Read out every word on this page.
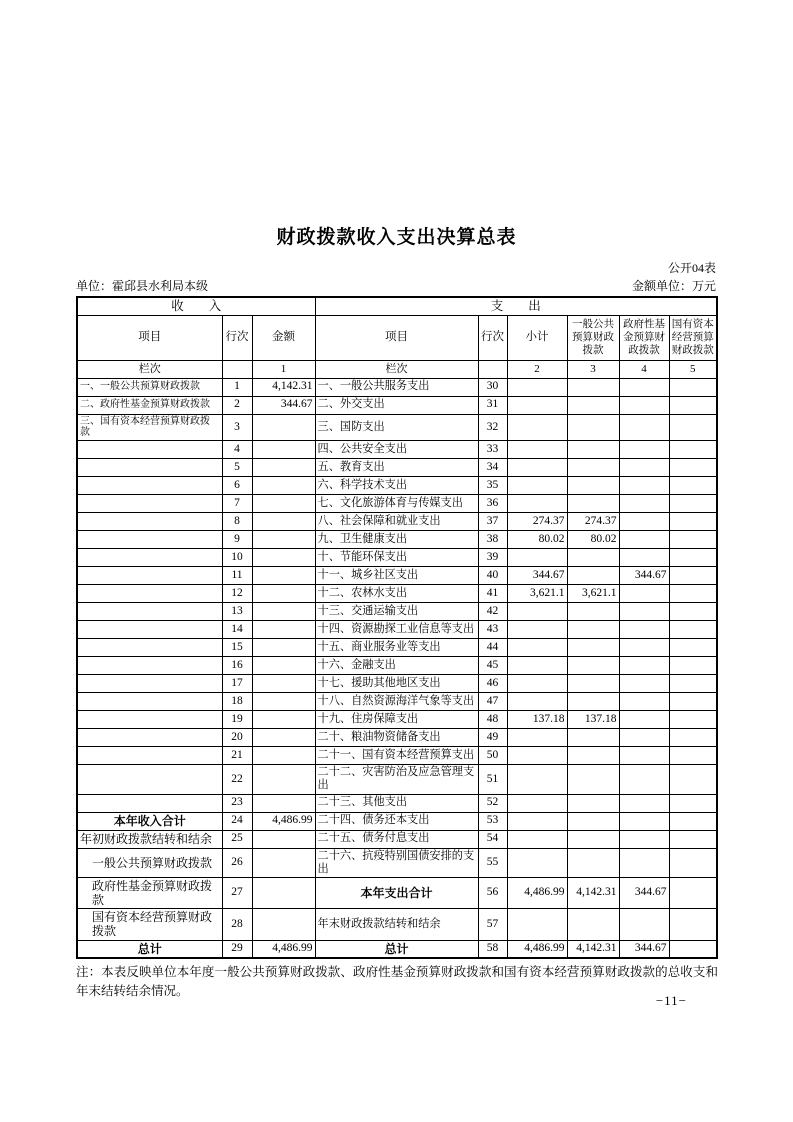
财政拨款收入支出决算总表
公开04表
单位：霍邱县水利局本级	金额单位：万元
收　　入			支　　出					
项目	行次	金额	项目	行次	小计	一般公共预算财政拨款	政府性基金预算财政拨款	国有资本经营预算财政拨款
栏次		1	栏次		2	3	4	5
一、一般公共预算财政拨款	1	4,142.31	一、一般公共服务支出	30				
二、政府性基金预算财政拨款	2	344.67	二、外交支出	31				
三、国有资本经营预算财政拨款	3		三、国防支出	32				
	4		四、公共安全支出	33				
	5		五、教育支出	34				
	6		六、科学技术支出	35				
	7		七、文化旅游体育与传媒支出	36				
	8		八、社会保障和就业支出	37	274.37	274.37		
	9		九、卫生健康支出	38	80.02	80.02		
	10		十、节能环保支出	39				
	11		十一、城乡社区支出	40	344.67		344.67	
	12		十二、农林水支出	41	3,621.1	3,621.1		
	13		十三、交通运输支出	42				
	14		十四、资源勘探工业信息等支出	43				
	15		十五、商业服务业等支出	44				
	16		十六、金融支出	45				
	17		十七、援助其他地区支出	46				
	18		十八、自然资源海洋气象等支出	47				
	19		十九、住房保障支出	48	137.18	137.18		
	20		二十、粮油物资储备支出	49				
	21		二十一、国有资本经营预算支出	50				
	22		二十二、灾害防治及应急管理支出	51				
	23		二十三、其他支出	52				
本年收入合计	24	4,486.99	二十四、债务还本支出	53				
年初财政拨款结转和结余	25		二十五、债务付息支出	54				
一般公共预算财政拨款	26		二十六、抗疫特别国债安排的支出	55				
政府性基金预算财政拨款	27		本年支出合计	56	4,486.99	4,142.31	344.67	
国有资本经营预算财政拨款	28		年末财政拨款结转和结余	57				
总计	29	4,486.99	总计	58	4,486.99	4,142.31	344.67	
注：本表反映单位本年度一般公共预算财政拨款、政府性基金预算财政拨款和国有资本经营预算财政拨款的总收支和年末结转结余情况。
−11−
